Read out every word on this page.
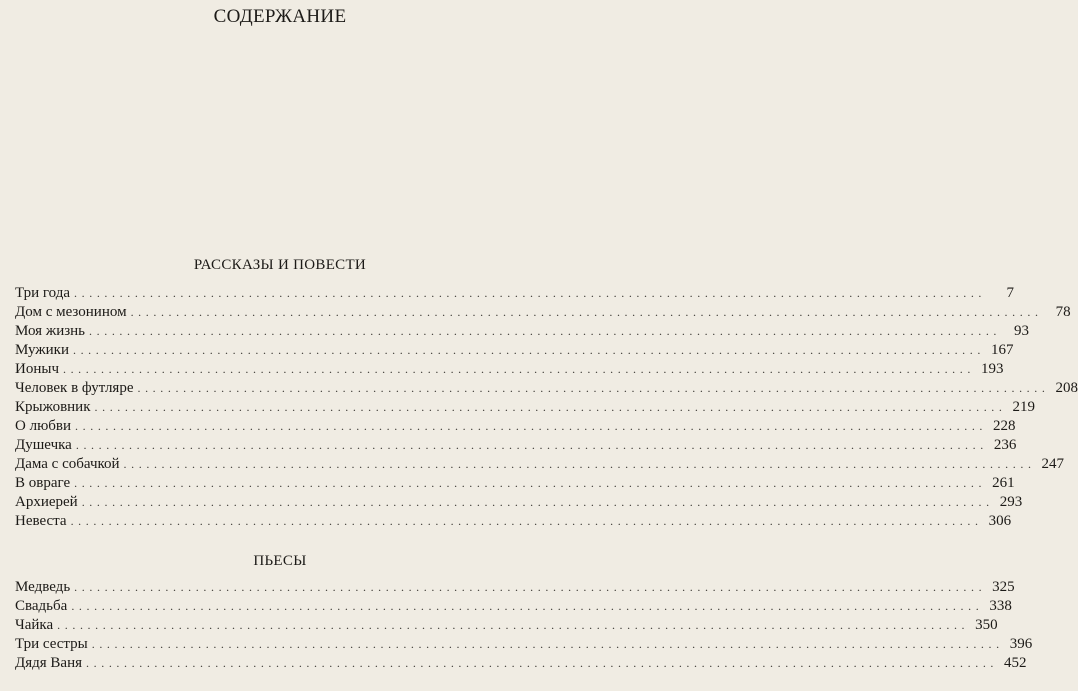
СОДЕРЖАНИЕ
РАССКАЗЫ И ПОВЕСТИ
Три года ........................................................................................................................	7
Дом с мезонином ........................................................................................................................ 78
Моя жизнь ........................................................................................................................ 93
Мужики ........................................................................................................................ 167
Ионыч ........................................................................................................................ 193
Человек в футляре ........................................................................................................................ 208
Крыжовник ........................................................................................................................ 219
О любви ........................................................................................................................ 228
Душечка ........................................................................................................................ 236
Дама с собачкой ........................................................................................................................ 247
В овраге ........................................................................................................................ 261
Архиерей ........................................................................................................................ 293
Невеста ........................................................................................................................ 306
ПЬЕСЫ
Медведь ........................................................................................................................ 325
Свадьба ........................................................................................................................ 338
Чайка ........................................................................................................................ 350
Три сестры ........................................................................................................................ 396
Дядя Ваня ........................................................................................................................ 452
